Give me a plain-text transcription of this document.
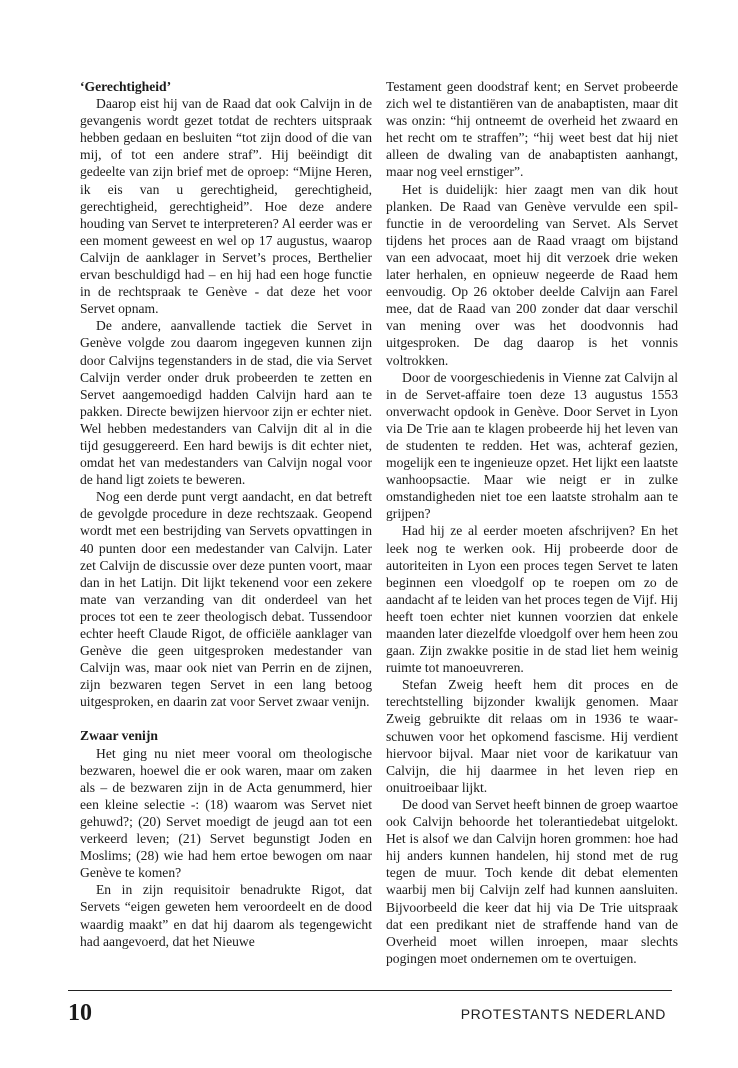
‘Gerechtigheid’

Daarop eist hij van de Raad dat ook Calvijn in de gevangenis wordt gezet totdat de rechters uitspraak hebben gedaan en besluiten “tot zijn dood of die van mij, of tot een andere straf”. Hij beëindigt dit gedeelte van zijn brief met de oproep: “Mijne Heren, ik eis van u gerechtigheid, gerechtigheid, gerechtigheid, gerechtigheid”. Hoe deze andere houding van Servet te interpreteren? Al eerder was er een moment geweest en wel op 17 augustus, waarop Calvijn de aanklager in Servet’s proces, Berthelier ervan beschuldigd had – en hij had een hoge functie in de rechtspraak te Genève - dat deze het voor Servet opnam.

De andere, aanvallende tactiek die Servet in Genève volgde zou daarom ingegeven kunnen zijn door Calvijns tegenstanders in de stad, die via Servet Calvijn verder onder druk probeerden te zetten en Servet aangemoedigd hadden Calvijn hard aan te pakken. Directe bewijzen hiervoor zijn er echter niet. Wel hebben medestanders van Calvijn dit al in die tijd gesuggereerd. Een hard bewijs is dit echter niet, omdat het van medestanders van Calvijn nogal voor de hand ligt zoiets te beweren.

Nog een derde punt vergt aandacht, en dat betreft de gevolgde procedure in deze rechtszaak. Geopend wordt met een bestrijding van Servets opvattingen in 40 punten door een medestander van Calvijn. Later zet Calvijn de discussie over deze punten voort, maar dan in het Latijn. Dit lijkt tekenend voor een zekere mate van verzanding van dit onderdeel van het proces tot een te zeer theologisch debat. Tussendoor echter heeft Claude Rigot, de officiële aanklager van Genève die geen uitgesproken medestander van Calvijn was, maar ook niet van Perrin en de zijnen, zijn bezwaren tegen Servet in een lang betoog uitgesproken, en daarin zat voor Servet zwaar venijn.

Zwaar venijn

Het ging nu niet meer vooral om theologische bezwaren, hoewel die er ook waren, maar om zaken als – de bezwaren zijn in de Acta genummerd, hier een kleine selectie -: (18) waarom was Servet niet gehuwd?; (20) Servet moedigt de jeugd aan tot een verkeerd leven; (21) Servet begunstigt Joden en Moslims; (28) wie had hem ertoe bewogen om naar Genève te komen?

En in zijn requisitoir benadrukte Rigot, dat Servets “eigen geweten hem veroordeelt en de dood waardig maakt” en dat hij daarom als tegengewicht had aangevoerd, dat het Nieuwe

Testament geen doodstraf kent; en Servet probeerde zich wel te distantiëren van de anabaptisten, maar dit was onzin: “hij ontneemt de overheid het zwaard en het recht om te straffen”; “hij weet best dat hij niet alleen de dwaling van de anabaptisten aanhangt, maar nog veel ernstiger”.

Het is duidelijk: hier zaagt men van dik hout planken. De Raad van Genève vervulde een spilfunctie in de veroordeling van Servet. Als Servet tijdens het proces aan de Raad vraagt om bijstand van een advocaat, moet hij dit verzoek drie weken later herhalen, en opnieuw negeerde de Raad hem eenvoudig. Op 26 oktober deelde Calvijn aan Farel mee, dat de Raad van 200 zonder dat daar verschil van mening over was het doodvonnis had uitgesproken. De dag daarop is het vonnis voltrokken.

Door de voorgeschiedenis in Vienne zat Calvijn al in de Servet-affaire toen deze 13 augustus 1553 onverwacht opdook in Genève. Door Servet in Lyon via De Trie aan te klagen probeerde hij het leven van de studenten te redden. Het was, achteraf gezien, mogelijk een te ingenieuze opzet. Het lijkt een laatste wanhoopsactie. Maar wie neigt er in zulke omstandigheden niet toe een laatste strohalm aan te grijpen?

Had hij ze al eerder moeten afschrijven? En het leek nog te werken ook. Hij probeerde door de autoriteiten in Lyon een proces tegen Servet te laten beginnen een vloedgolf op te roepen om zo de aandacht af te leiden van het proces tegen de Vijf. Hij heeft toen echter niet kunnen voorzien dat enkele maanden later diezelfde vloedgolf over hem heen zou gaan. Zijn zwakke positie in de stad liet hem weinig ruimte tot manoeuvreren.

Stefan Zweig heeft hem dit proces en de terechtstelling bijzonder kwalijk genomen. Maar Zweig gebruikte dit relaas om in 1936 te waarschuwen voor het opkomend fascisme. Hij verdient hiervoor bijval. Maar niet voor de karikatuur van Calvijn, die hij daarmee in het leven riep en onuitroeibaar lijkt.

De dood van Servet heeft binnen de groep waartoe ook Calvijn behoorde het tolerantiedebat uitgelokt. Het is alsof we dan Calvijn horen grommen: hoe had hij anders kunnen handelen, hij stond met de rug tegen de muur. Toch kende dit debat elementen waarbij men bij Calvijn zelf had kunnen aansluiten. Bijvoorbeeld die keer dat hij via De Trie uitspraak dat een predikant niet de straffende hand van de Overheid moet willen inroepen, maar slechts pogingen moet ondernemen om te overtuigen.

10	PROTESTANTS NEDERLAND
